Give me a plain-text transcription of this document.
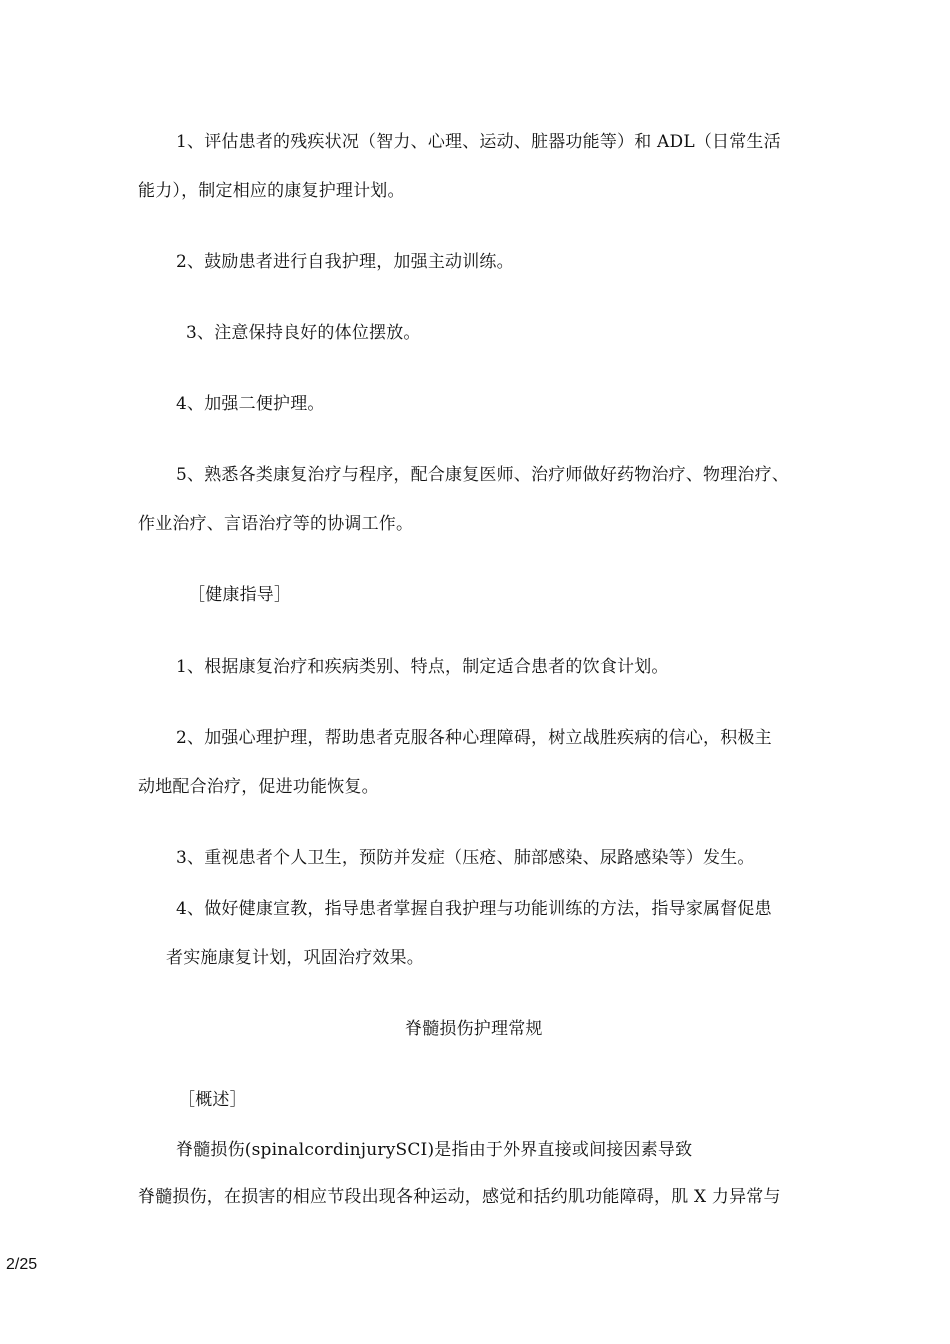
1、评估患者的残疾状况（智力、心理、运动、脏器功能等）和 ADL（日常生活
能力），制定相应的康复护理计划。
2、鼓励患者进行自我护理，加强主动训练。
3、注意保持良好的体位摆放。
4、加强二便护理。
5、熟悉各类康复治疗与程序，配合康复医师、治疗师做好药物治疗、物理治疗、
作业治疗、言语治疗等的协调工作。
［健康指导］
1、根据康复治疗和疾病类别、特点，制定适合患者的饮食计划。
2、加强心理护理，帮助患者克服各种心理障碍，树立战胜疾病的信心，积极主
动地配合治疗，促进功能恢复。
3、重视患者个人卫生，预防并发症（压疮、肺部感染、尿路感染等）发生。
4、做好健康宣教，指导患者掌握自我护理与功能训练的方法，指导家属督促患
者实施康复计划，巩固治疗效果。
脊髓损伤护理常规
［概述］
脊髓损伤(spinalcordinjurySCI)是指由于外界直接或间接因素导致
脊髓损伤，在损害的相应节段出现各种运动，感觉和括约肌功能障碍，肌 X 力异常与
2/25
